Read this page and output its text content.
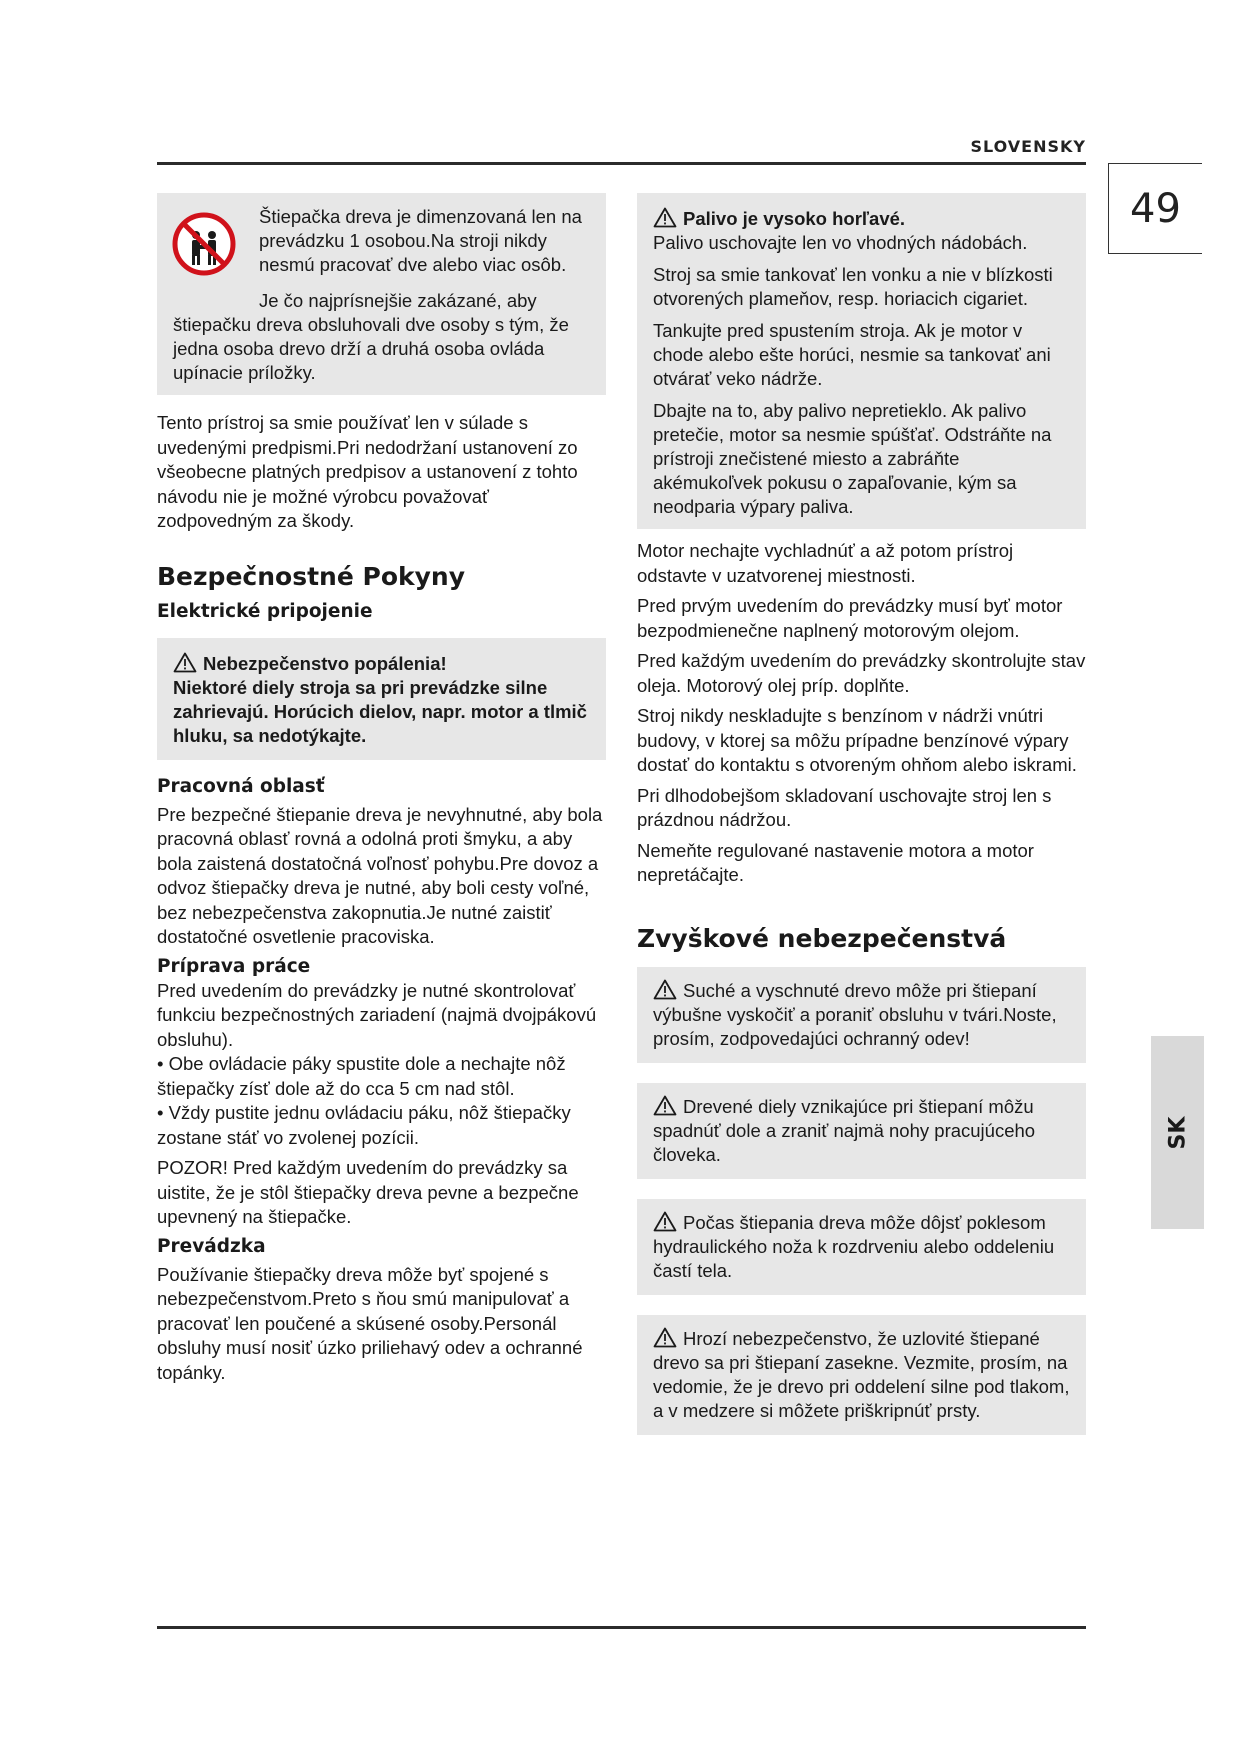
SLOVENSKY
49
SK

Štiepačka dreva je dimenzovaná len na prevádzku 1 osobou.Na stroji nikdy nesmú pracovať dve alebo viac osôb.

Je čo najprísnejšie zakázané, aby štiepačku dreva obsluhovali dve osoby s tým, že jedna osoba drevo drží a druhá osoba ovláda upínacie príložky.

Tento prístroj sa smie používať len v súlade s uvedenými predpismi.Pri nedodržaní ustanovení zo všeobecne platných predpisov a ustanovení z tohto návodu nie je možné výrobcu považovať zodpovedným za škody.

Bezpečnostné Pokyny
Elektrické pripojenie

Nebezpečenstvo popálenia!

Niektoré diely stroja sa pri prevádzke silne zahrievajú. Horúcich dielov, napr. motor a tlmič hluku, sa nedotýkajte.

Pracovná oblasť

Pre bezpečné štiepanie dreva je nevyhnutné, aby bola pracovná oblasť rovná a odolná proti šmyku, a aby bola zaistená dostatočná voľnosť pohybu.Pre dovoz a odvoz štiepačky dreva je nutné, aby boli cesty voľné, bez nebezpečenstva zakopnutia.Je nutné zaistiť dostatočné osvetlenie pracoviska.

Príprava práce

Pred uvedením do prevádzky je nutné skontrolovať funkciu bezpečnostných zariadení (najmä dvojpákovú obsluhu).

• Obe ovládacie páky spustite dole a nechajte nôž štiepačky zísť dole až do cca 5 cm nad stôl.

• Vždy pustite jednu ovládaciu páku, nôž štiepačky zostane stáť vo zvolenej pozícii.

POZOR! Pred každým uvedením do prevádzky sa uistite, že je stôl štiepačky dreva pevne a bezpečne upevnený na štiepačke.

Prevádzka

Používanie štiepačky dreva môže byť spojené s nebezpečenstvom.Preto s ňou smú manipulovať a pracovať len poučené a skúsené osoby.Personál obsluhy musí nosiť úzko priliehavý odev a ochranné topánky.

Palivo je vysoko horľavé.

Palivo uschovajte len vo vhodných nádobách.

Stroj sa smie tankovať len vonku a nie v blízkosti otvorených plameňov, resp. horiacich cigariet.

Tankujte pred spustením stroja. Ak je motor v chode alebo ešte horúci, nesmie sa tankovať ani otvárať veko nádrže.

Dbajte na to, aby palivo nepretieklo. Ak palivo pretečie, motor sa nesmie spúšťať. Odstráňte na prístroji znečistené miesto a zabráňte akémukoľvek pokusu o zapaľovanie, kým sa neodparia výpary paliva.

Motor nechajte vychladnúť a až potom prístroj odstavte v uzatvorenej miestnosti.

Pred prvým uvedením do prevádzky musí byť motor bezpodmienečne naplnený motorovým olejom.

Pred každým uvedením do prevádzky skontrolujte stav oleja. Motorový olej príp. doplňte.

Stroj nikdy neskladujte s benzínom v nádrži vnútri budovy, v ktorej sa môžu prípadne benzínové výpary dostať do kontaktu s otvoreným ohňom alebo iskrami.

Pri dlhodobejšom skladovaní uschovajte stroj len s prázdnou nádržou.

Nemeňte regulované nastavenie motora a motor nepretáčajte.

Zvyškové nebezpečenstvá

Suché a vyschnuté drevo môže pri štiepaní výbušne vyskočiť a poraniť obsluhu v tvári.Noste, prosím, zodpovedajúci ochranný odev!

Drevené diely vznikajúce pri štiepaní môžu spadnúť dole a zraniť najmä nohy pracujúceho človeka.

Počas štiepania dreva môže dôjsť poklesom hydraulického noža k rozdrveniu alebo oddeleniu častí tela.

Hrozí nebezpečenstvo, že uzlovité štiepané drevo sa pri štiepaní zasekne. Vezmite, prosím, na vedomie, že je drevo pri oddelení silne pod tlakom, a v medzere si môžete priškripnúť prsty.
